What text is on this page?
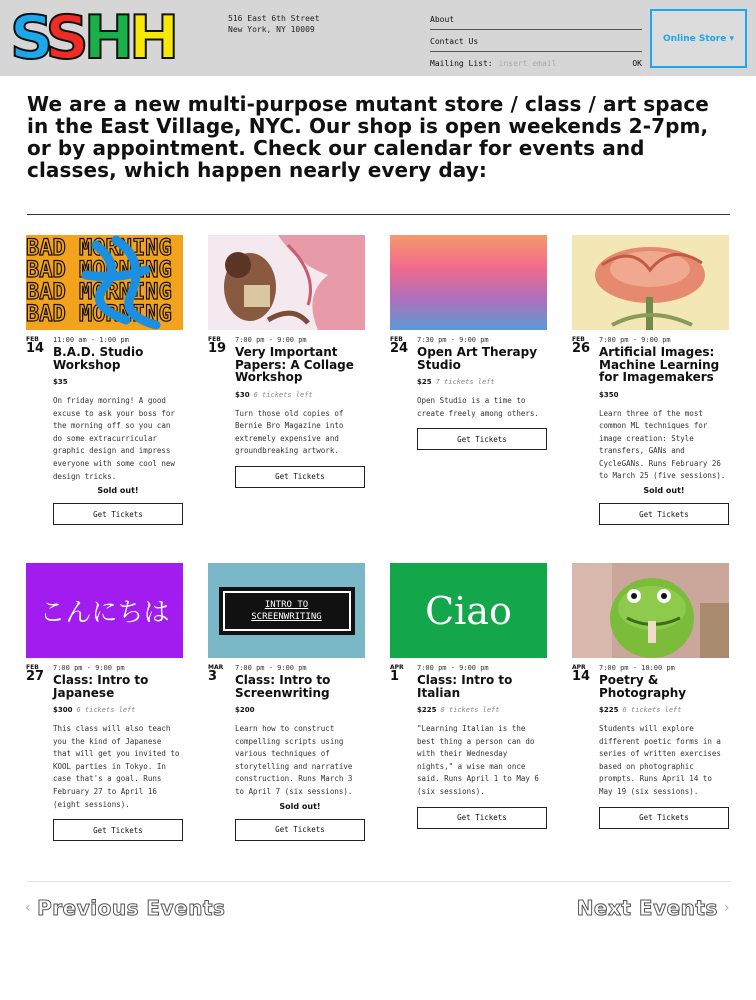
SSHH	516 East 6th Street
New York, NY 10009
About
Contact Us
Mailing List: insert email	OK
Online Store ▾
We are a new multi-purpose mutant store / class / art space in the East Village, NYC. Our shop is open weekends 2-7pm, or by appointment. Check our calendar for events and classes, which happen nearly every day:
BAD MORNING
BAD MORNING
BAD MORNING
BAD MORNING
FEB
14
11:00 am - 1:00 pm
B.A.D. Studio Workshop
$35
On friday morning! A good excuse to ask your boss for the morning off so you can do some extracurricular graphic design and impress everyone with some cool new design tricks.
Sold out!
Get Tickets
FEB
19
7:00 pm - 9:00 pm
Very Important Papers: A Collage Workshop
$30 6 tickets left
Turn those old copies of Bernie Bro Magazine into extremely expensive and groundbreaking artwork.
Get Tickets
FEB
24
7:30 pm - 9:00 pm
Open Art Therapy Studio
$25 7 tickets left
Open Studio is a time to create freely among others.
Get Tickets
FEB
26
7:00 pm - 9:00 pm
Artificial Images: Machine Learning for Imagemakers
$350
Learn three of the most common ML techniques for image creation: Style transfers, GANs and CycleGANs. Runs February 26 to March 25 (five sessions).
Sold out!
Get Tickets
こんにちは
FEB
27
7:00 pm - 9:00 pm
Class: Intro to Japanese
$300 6 tickets left
This class will also teach you the kind of Japanese that will get you invited to KOOL parties in Tokyo. In case that's a goal. Runs February 27 to April 16 (eight sessions).
Get Tickets
INTRO TO SCREENWRITING
MAR
3
7:00 pm - 9:00 pm
Class: Intro to Screenwriting
$200
Learn how to construct compelling scripts using various techniques of storytelling and narrative construction. Runs March 3 to April 7 (six sessions).
Sold out!
Get Tickets
Ciao
APR
1
7:00 pm - 9:00 pm
Class: Intro to Italian
$225 8 tickets left
"Learning Italian is the best thing a person can do with their Wednesday nights," a wise man once said. Runs April 1 to May 6 (six sessions).
Get Tickets
APR
14
7:00 pm - 10:00 pm
Poetry & Photography
$225 6 tickets left
Students will explore different poetic forms in a series of written exercises based on photographic prompts. Runs April 14 to May 19 (six sessions).
Get Tickets
‹ Previous Events	Next Events ›
